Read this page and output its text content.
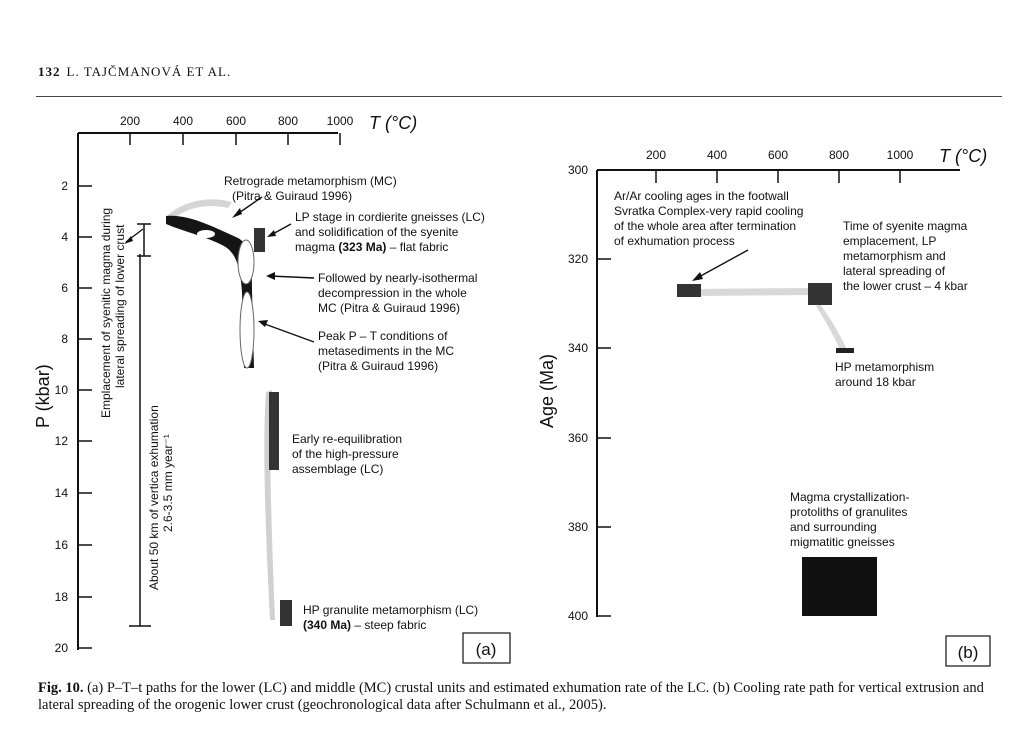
132 L. TAJČMANOVÁ ET AL.
200	400	600	800 1000 T (°C)
2
4
6
8
10
12
14
16
18
20
P (kbar)	Emplacement of syenitic magma during lateral spreading of lower crust
About 50 km of vertica exhumation 2.6-3.5 mm year⁻¹
Retrograde metamorphism (MC)
(Pitra & Guiraud 1996)
LP stage in cordierite gneisses (LC)
and solidification of the syenite
magma (323 Ma) – flat fabric
Followed by nearly-isothermal
decompression in the whole
MC (Pitra & Guiraud 1996)
Peak P – T conditions of
metasediments in the MC
(Pitra & Guiraud 1996)
Early re-equilibration
of the high-pressure
assemblage (LC)
HP granulite metamorphism (LC)
(340 Ma) – steep fabric
(a)
200	400	600	800	1000 T (°C)
300
320
340
360
380
400
Age (Ma)
Ar/Ar cooling ages in the footwall
Svratka Complex-very rapid cooling
of the whole area after termination
of exhumation process
Time of syenite magma
emplacement, LP
metamorphism and
lateral spreading of
the lower crust – 4 kbar
HP metamorphism
around 18 kbar
Magma crystallization-
protoliths of granulites
and surrounding
migmatitic gneisses
(b)
Fig. 10. (a) P–T–t paths for the lower (LC) and middle (MC) crustal units and estimated exhumation rate of the LC. (b) Cooling rate path for vertical extrusion and lateral spreading of the orogenic lower crust (geochronological data after Schulmann et al., 2005).
